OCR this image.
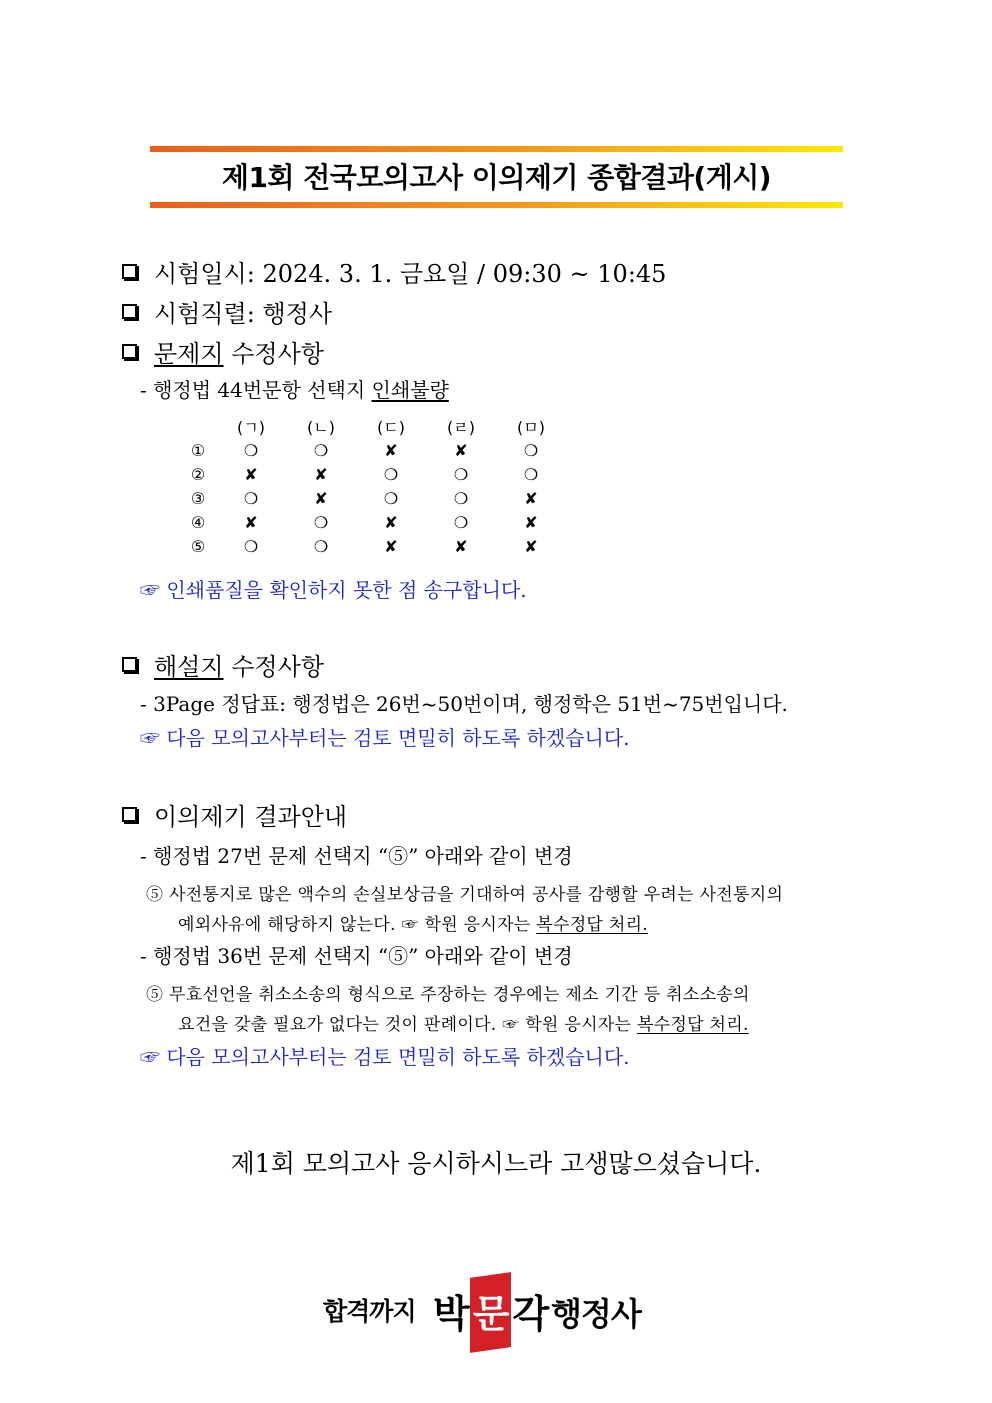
제1회 전국모의고사 이의제기 종합결과(게시)
시험일시: 2024. 3. 1. 금요일 / 09:30 ~ 10:45
시험직렬: 행정사
문제지 수정사항
- 행정법 44번문항 선택지 인쇄불량
	(ㄱ)	(ㄴ)	(ㄷ)	(ㄹ)	(ㅁ)
①	❍	❍	✘	✘	❍
②	✘	✘	❍	❍	❍
③	❍	✘	❍	❍	✘
④	✘	❍	✘	❍	✘
⑤	❍	❍	✘	✘	✘
☞ 인쇄품질을 확인하지 못한 점 송구합니다.
해설지 수정사항
- 3Page 정답표: 행정법은 26번~50번이며, 행정학은 51번~75번입니다.
☞ 다음 모의고사부터는 검토 면밀히 하도록 하겠습니다.
이의제기 결과안내
- 행정법 27번 문제 선택지 “⑤” 아래와 같이 변경
⑤ 사전통지로 많은 액수의 손실보상금을 기대하여 공사를 감행할 우려는 사전통지의
예외사유에 해당하지 않는다. ☞ 학원 응시자는 복수정답 처리.
- 행정법 36번 문제 선택지 “⑤” 아래와 같이 변경
⑤ 무효선언을 취소소송의 형식으로 주장하는 경우에는 제소 기간 등 취소소송의
요건을 갖출 필요가 없다는 것이 판례이다. ☞ 학원 응시자는 복수정답 처리.
☞ 다음 모의고사부터는 검토 면밀히 하도록 하겠습니다.
제1회 모의고사 응시하시느라 고생많으셨습니다.
합격까지 박 문 각 행정사
